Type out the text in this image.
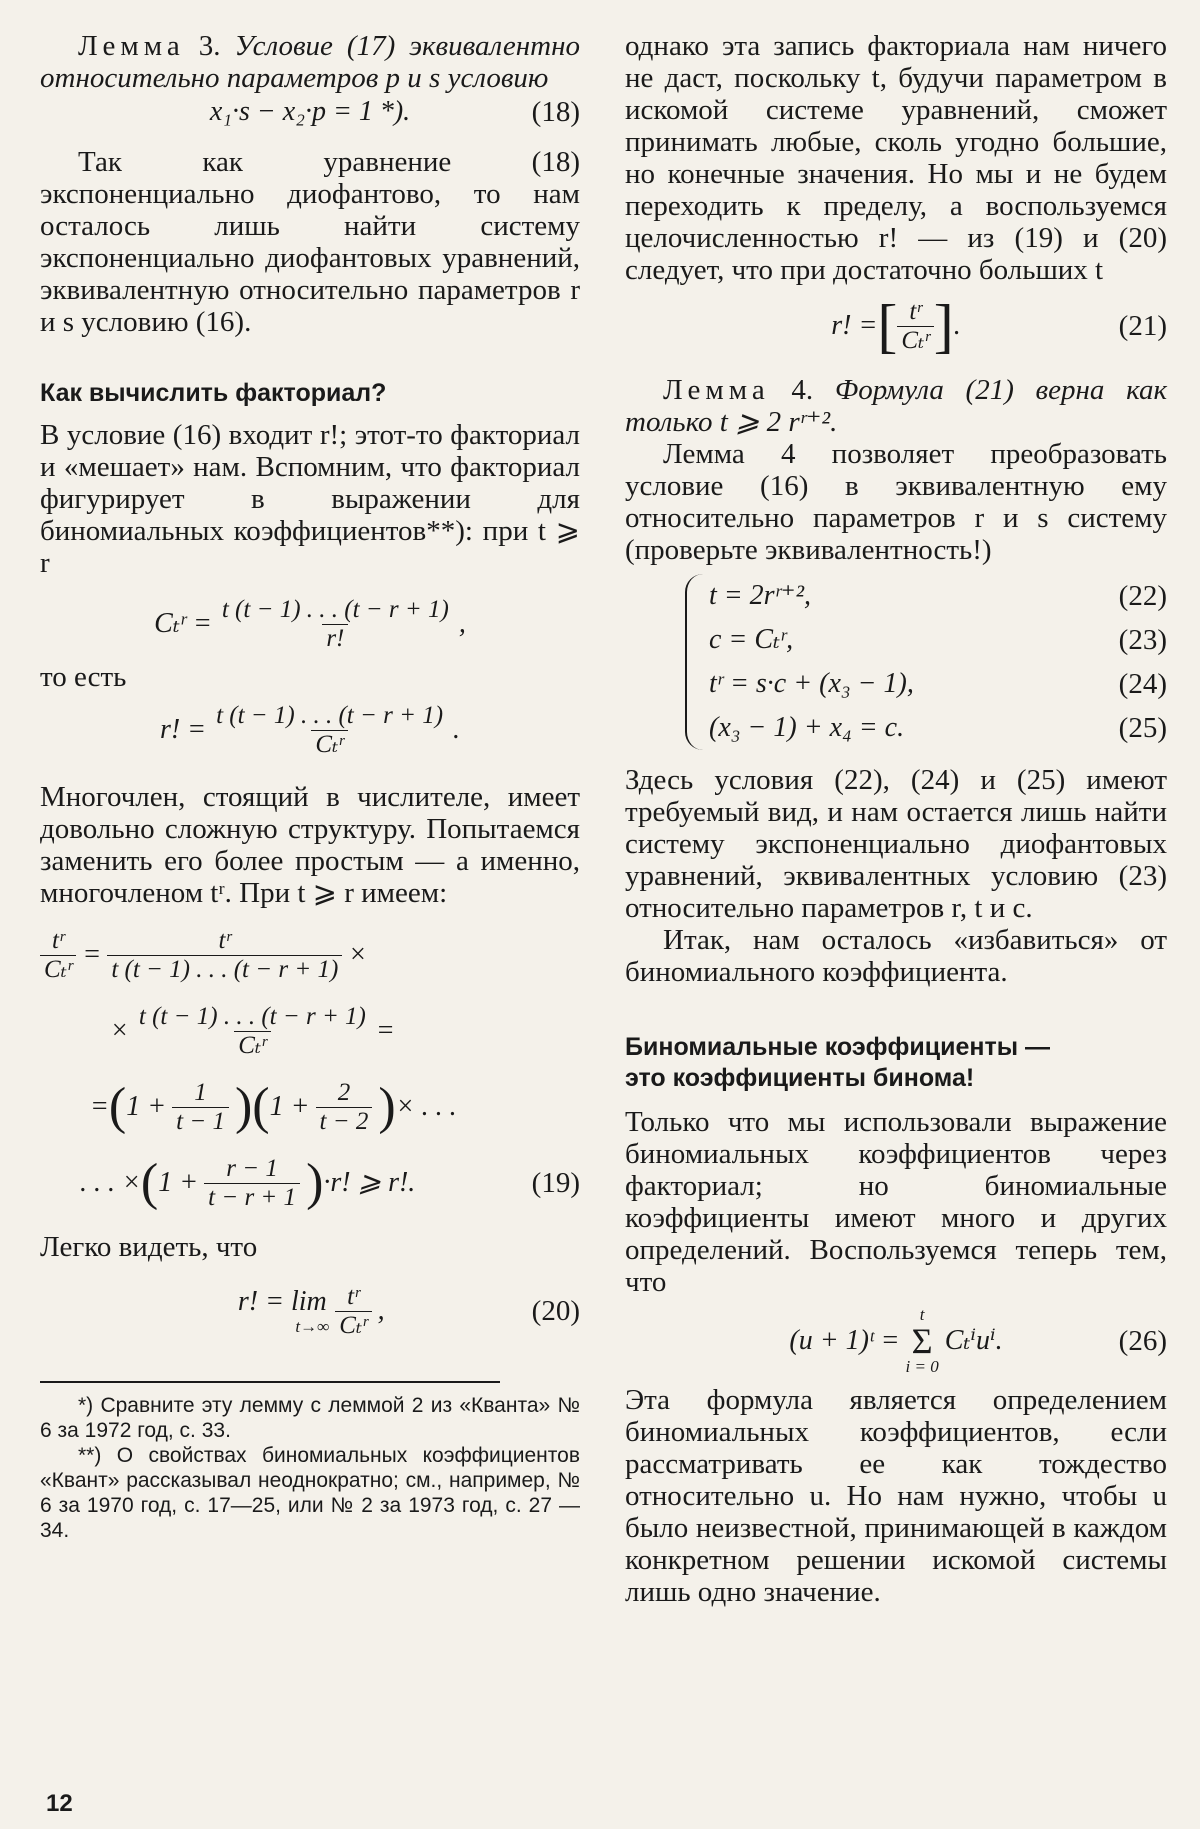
Лемма 3. Условие (17) эквивалентно относительно параметров p и s условию

x₁·s − x₂·p = 1 *).	(18)

Так как уравнение (18) экспоненциально диофантово, то нам осталось лишь найти систему экспоненциально диофантовых уравнений, эквивалентную относительно параметров r и s условию (16).

Как вычислить факториал?

В условие (16) входит r!; этот-то факториал и «мешает» нам. Вспомним, что факториал фигурирует в выражении для биномиальных коэффициентов**): при t ⩾ r

Cₜʳ = $\frac{t (t - 1) . . . (t - r + 1)}{r!}$ ,

то есть

r! = $\frac{t (t - 1) . . . (t - r + 1)}{\text{Cₜʳ}}$ .

Многочлен, стоящий в числителе, имеет довольно сложную структуру. Попытаемся заменить его более простым — а именно, многочленом tʳ. При t ⩾ r имеем:

$\frac{\text{tʳ}}{\text{Cₜʳ}} = \frac{\text{tʳ}}{t (t - 1) . . . (t - r + 1)}$ ×
× $\frac{t (t - 1) . . . (t - r + 1)}{\text{Cₜʳ}}$ =
= ( $1 + \frac{1}{t - 1}$ ) ( $1 + \frac{2}{t - 2}$ ) × . . .
. . . × ( $1 + \frac{r - 1}{t - r + 1}$ ) ·r! ⩾ r!.	(19)

Легко видеть, что

r! = lim
$t\to\infty \frac{\text{tʳ}}{\text{Cₜʳ}}$ ,	(20)

*) Сравните эту лемму с леммой 2 из «Кванта» № 6 за 1972 год, с. 33.

**) О свойствах биномиальных коэффициентов «Квант» рассказывал неоднократно; см., например, № 6 за 1970 год, с. 17—25, или № 2 за 1973 год, с. 27 — 34.

однако эта запись факториала нам ничего не даст, поскольку t, будучи параметром в искомой системе уравнений, сможет принимать любые, сколь угодно большие, но конечные значения. Но мы и не будем переходить к пределу, а воспользуемся целочисленностью r! — из (19) и (20) следует, что при достаточно больших t

r! = [ $\frac{\text{tʳ}}{\text{Cₜʳ}}$ ] .	(21)

Лемма 4. Формула (21) верна как только t ⩾ 2 rʳ⁺².

Лемма 4 позволяет преобразовать условие (16) в эквивалентную ему относительно параметров r и s систему (проверьте эквивалентность!)

t = 2rʳ⁺²,	(22)
c = Cₜʳ,	(23)
tʳ = s·c + (x₃ − 1),	(24)
(x₃ − 1) + x₄ = c.	(25)

Здесь условия (22), (24) и (25) имеют требуемый вид, и нам остается лишь найти систему экспоненциально диофантовых уравнений, эквивалентных условию (23) относительно параметров r, t и c.

Итак, нам осталось «избавиться» от биномиального коэффициента.

Биномиальные коэффициенты —
это коэффициенты бинома!

Только что мы использовали выражение биномиальных коэффициентов через факториал; но биномиальные коэффициенты имеют много и других определений. Воспользуемся теперь тем, что

(u + 1)ᵗ =
t
Σ
i = 0
Cₜⁱuⁱ.	(26)

Эта формула является определением биномиальных коэффициентов, если рассматривать ее как тождество относительно u. Но нам нужно, чтобы u было неизвестной, принимающей в каждом конкретном решении искомой системы лишь одно значение.

12
